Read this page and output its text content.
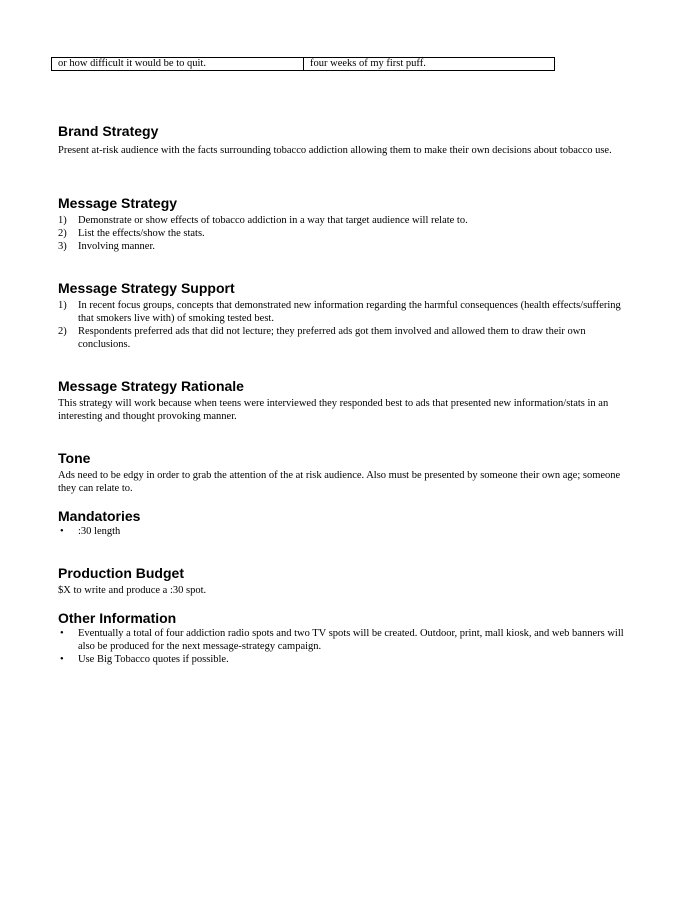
or how difficult it would be to quit.	four weeks of my first puff.
Brand Strategy

Present at-risk audience with the facts surrounding tobacco addiction allowing them to make their own decisions about tobacco use.

Message Strategy
1) Demonstrate or show effects of tobacco addiction in a way that target audience will relate to.
2) List the effects/show the stats.
3) Involving manner.
Message Strategy Support
1) In recent focus groups, concepts that demonstrated new information regarding the harmful consequences (health effects/suffering that smokers live with) of smoking tested best.
2) Respondents preferred ads that did not lecture; they preferred ads got them involved and allowed them to draw their own conclusions.
Message Strategy Rationale

This strategy will work because when teens were interviewed they responded best to ads that presented new information/stats in an interesting and thought provoking manner.

Tone

Ads need to be edgy in order to grab the attention of the at risk audience. Also must be presented by someone their own age; someone they can relate to.

Mandatories
• :30 length
Production Budget

$X to write and produce a :30 spot.

Other Information
• Eventually a total of four addiction radio spots and two TV spots will be created. Outdoor, print, mall kiosk, and web banners will also be produced for the next message-strategy campaign.
• Use Big Tobacco quotes if possible.
